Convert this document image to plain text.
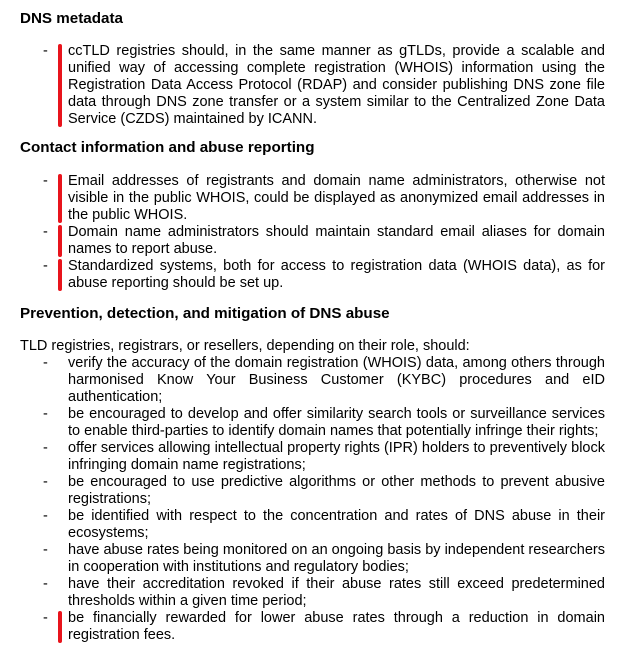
DNS metadata
-	ccTLD registries should, in the same manner as gTLDs, provide a scalable and unified way of accessing complete registration (WHOIS) information using the Registration Data Access Protocol (RDAP) and consider publishing DNS zone file data through DNS zone transfer or a system similar to the Centralized Zone Data Service (CZDS) maintained by ICANN.
Contact information and abuse reporting
-	Email addresses of registrants and domain name administrators, otherwise not visible in the public WHOIS, could be displayed as anonymized email addresses in the public WHOIS.
-	Domain name administrators should maintain standard email aliases for domain names to report abuse.
-	Standardized systems, both for access to registration data (WHOIS data), as for abuse reporting should be set up.
Prevention, detection, and mitigation of DNS abuse

TLD registries, registrars, or resellers, depending on their role, should:

-	verify the accuracy of the domain registration (WHOIS) data, among others through harmonised Know Your Business Customer (KYBC) procedures and eID authentication;
-	be encouraged to develop and offer similarity search tools or surveillance services to enable third-parties to identify domain names that potentially infringe their rights;
-	offer services allowing intellectual property rights (IPR) holders to preventively block infringing domain name registrations;
-	be encouraged to use predictive algorithms or other methods to prevent abusive registrations;
-	be identified with respect to the concentration and rates of DNS abuse in their ecosystems;
-	have abuse rates being monitored on an ongoing basis by independent researchers in cooperation with institutions and regulatory bodies;
-	have their accreditation revoked if their abuse rates still exceed predetermined thresholds within a given time period;
-	be financially rewarded for lower abuse rates through a reduction in domain registration fees.
